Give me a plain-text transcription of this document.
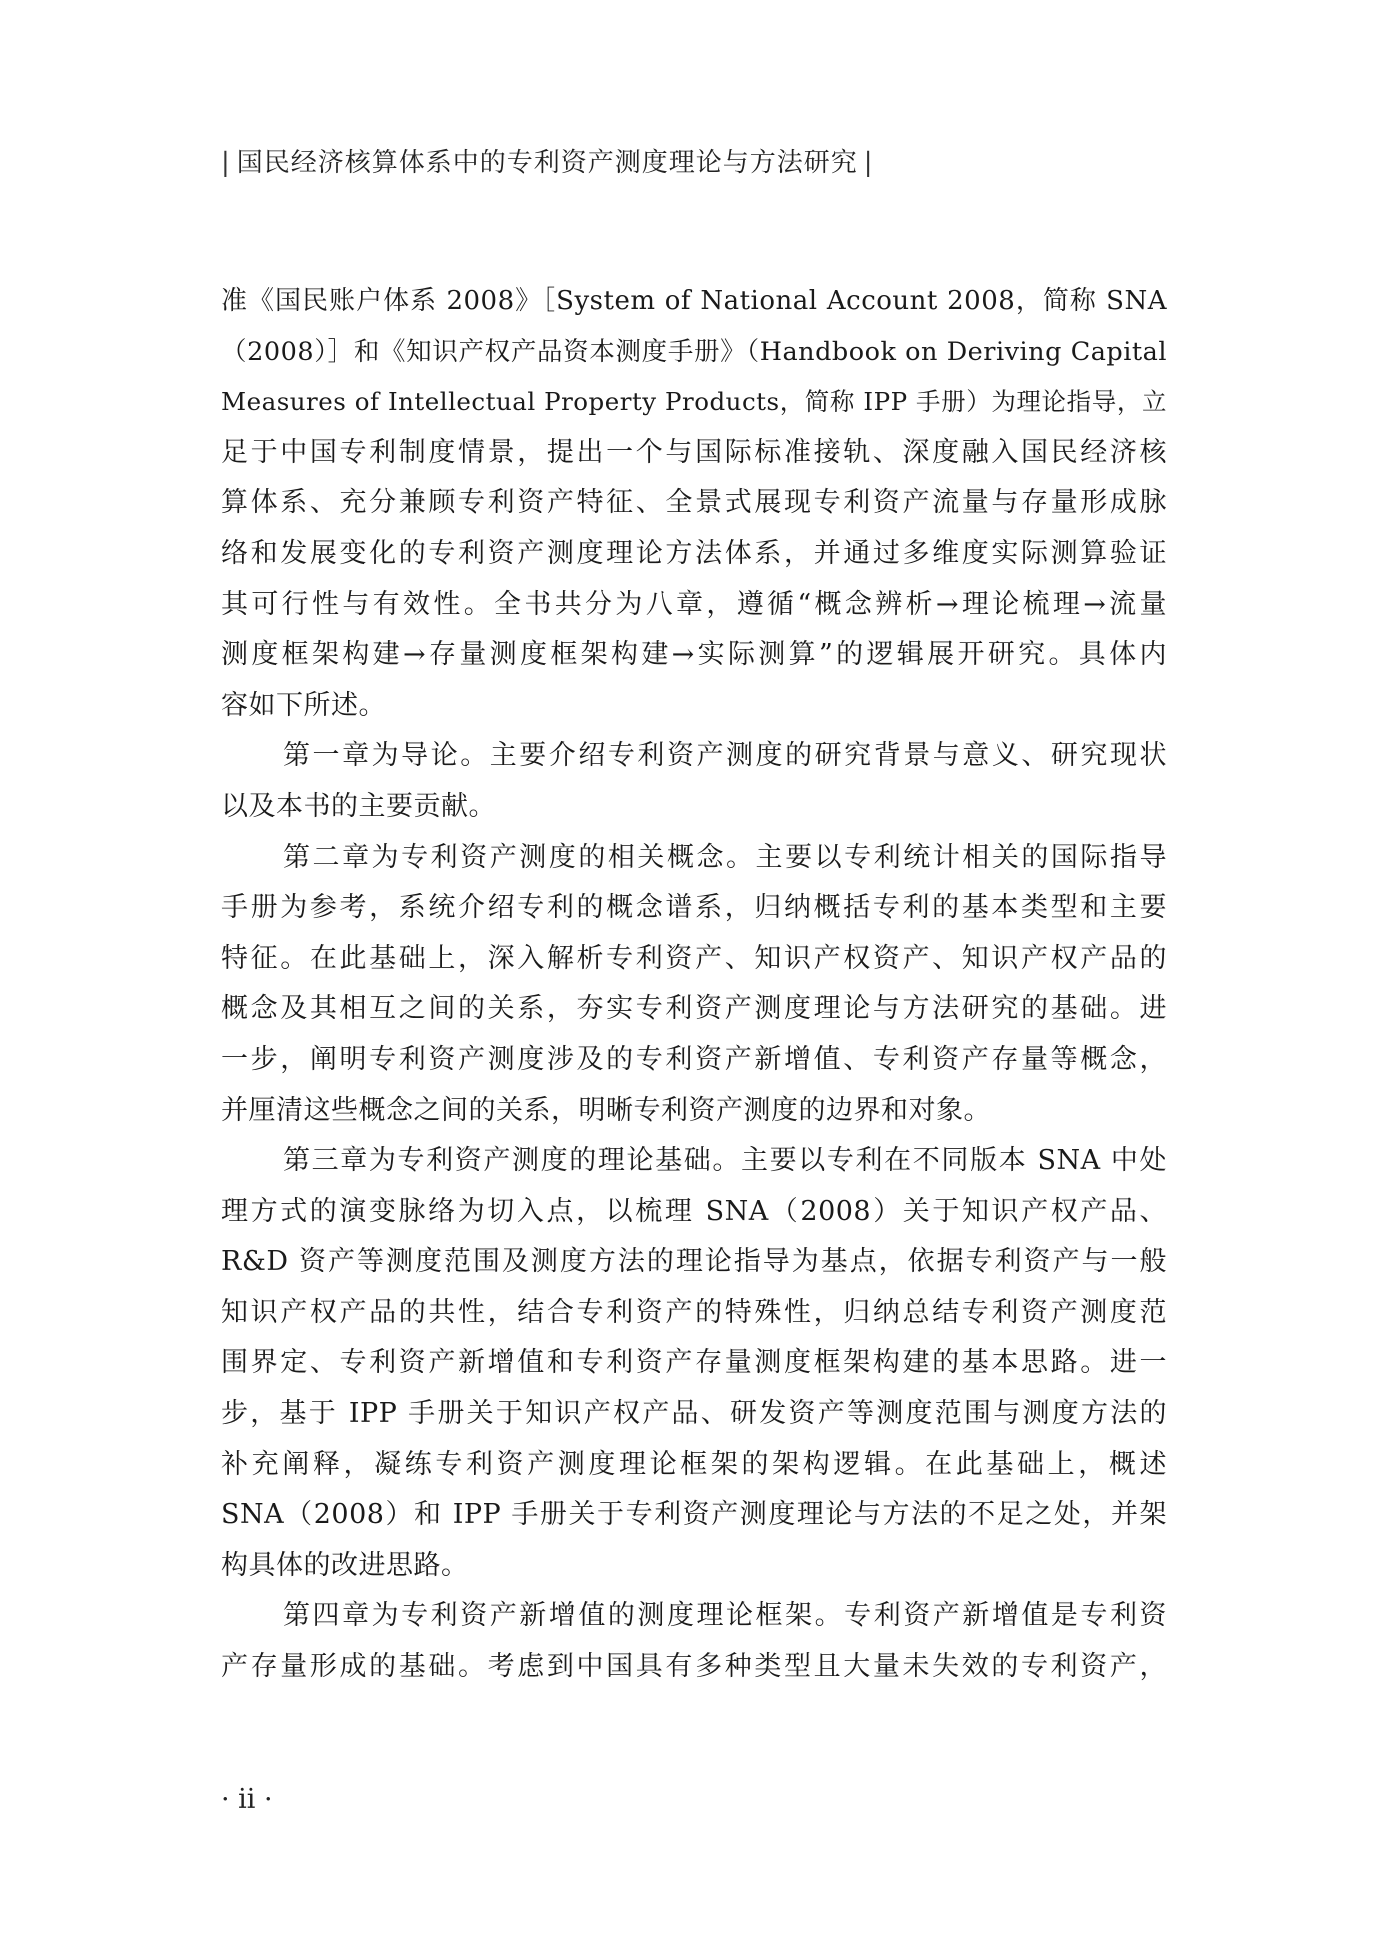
| 国民经济核算体系中的专利资产测度理论与方法研究 |
准《国民账户体系 2008》［System of National Account 2008，简称 SNA
（2008）］和《知识产权产品资本测度手册》（Handbook on Deriving Capital
Measures of Intellectual Property Products，简称 IPP 手册）为理论指导，立
足于中国专利制度情景，提出一个与国际标准接轨、深度融入国民经济核
算体系、充分兼顾专利资产特征、全景式展现专利资产流量与存量形成脉
络和发展变化的专利资产测度理论方法体系，并通过多维度实际测算验证
其可行性与有效性。全书共分为八章，遵循“概念辨析→理论梳理→流量
测度框架构建→存量测度框架构建→实际测算”的逻辑展开研究。具体内
容如下所述。
第一章为导论。主要介绍专利资产测度的研究背景与意义、研究现状
以及本书的主要贡献。
第二章为专利资产测度的相关概念。主要以专利统计相关的国际指导
手册为参考，系统介绍专利的概念谱系，归纳概括专利的基本类型和主要
特征。在此基础上，深入解析专利资产、知识产权资产、知识产权产品的
概念及其相互之间的关系，夯实专利资产测度理论与方法研究的基础。进
一步，阐明专利资产测度涉及的专利资产新增值、专利资产存量等概念，
并厘清这些概念之间的关系，明晰专利资产测度的边界和对象。
第三章为专利资产测度的理论基础。主要以专利在不同版本 SNA 中处
理方式的演变脉络为切入点，以梳理 SNA（2008）关于知识产权产品、
R&D 资产等测度范围及测度方法的理论指导为基点，依据专利资产与一般
知识产权产品的共性，结合专利资产的特殊性，归纳总结专利资产测度范
围界定、专利资产新增值和专利资产存量测度框架构建的基本思路。进一
步，基于 IPP 手册关于知识产权产品、研发资产等测度范围与测度方法的
补充阐释，凝练专利资产测度理论框架的架构逻辑。在此基础上，概述
SNA（2008）和 IPP 手册关于专利资产测度理论与方法的不足之处，并架
构具体的改进思路。
第四章为专利资产新增值的测度理论框架。专利资产新增值是专利资
产存量形成的基础。考虑到中国具有多种类型且大量未失效的专利资产，
· ii ·
